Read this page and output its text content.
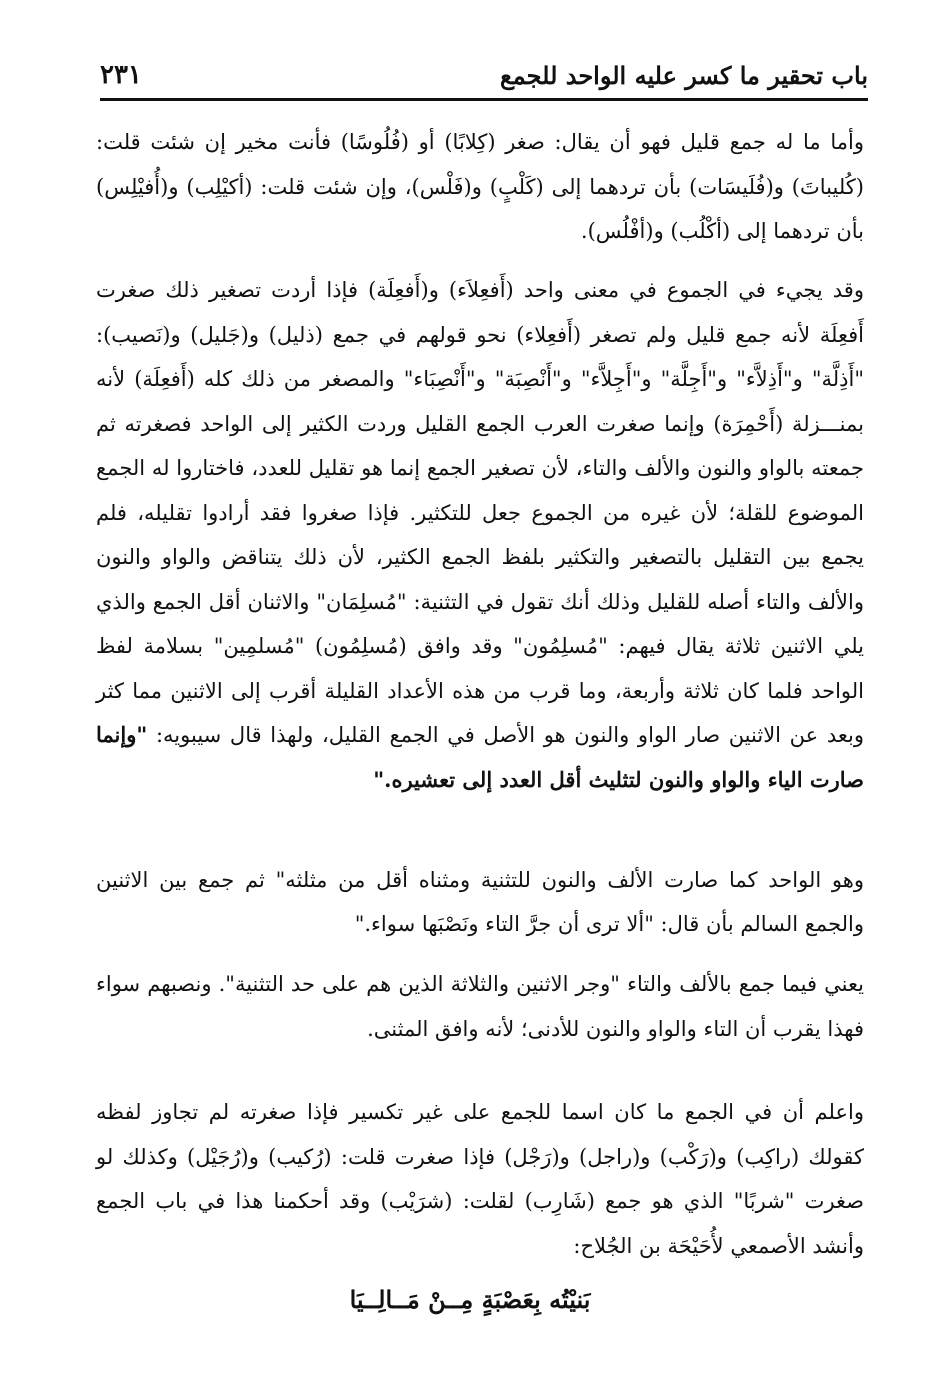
باب تحقير ما كسر عليه الواحد للجمع
٢٣١

وأما ما له جمع قليل فهو أن يقال: صغر (كِلابًا) أو (فُلُوسًا) فأنت مخير إن شئت قلت: (كُليباتَ) و(فُلَيسَات) بأن تردهما إلى (كَلْبٍ) و(فَلْس)، وإن شئت قلت: (أكيْلِب) و(أُفيْلِس) بأن تردهما إلى (أكْلُب) و(أفْلُس).

وقد يجيء في الجموع في معنى واحد (أَفعِلاَء) و(أَفعِلَة) فإذا أردت تصغير ذلك صغرت أَفعِلَة لأنه جمع قليل ولم تصغر (أَفعِلاء) نحو قولهم في جمع (ذليل) و(جَليل) و(نَصيب): "أَذِلَّة" و"أَذِلاَّء" و"أَجِلَّة" و"أَجِلاَّء" و"أَنْصِبَة" و"أَنْصِبَاء" والمصغر من ذلك كله (أَفعِلَة) لأنه بمنـــزلة (أَحْمِرَة) وإنما صغرت العرب الجمع القليل وردت الكثير إلى الواحد فصغرته ثم جمعته بالواو والنون والألف والتاء، لأن تصغير الجمع إنما هو تقليل للعدد، فاختاروا له الجمع الموضوع للقلة؛ لأن غيره من الجموع جعل للتكثير. فإذا صغروا فقد أرادوا تقليله، فلم يجمع بين التقليل بالتصغير والتكثير بلفظ الجمع الكثير، لأن ذلك يتناقض والواو والنون والألف والتاء أصله للقليل وذلك أنك تقول في التثنية: "مُسلِمَان" والاثنان أقل الجمع والذي يلي الاثنين ثلاثة يقال فيهم: "مُسلِمُون" وقد وافق (مُسلِمُون) "مُسلمِين" بسلامة لفظ الواحد فلما كان ثلاثة وأربعة، وما قرب من هذه الأعداد القليلة أقرب إلى الاثنين مما كثر وبعد عن الاثنين صار الواو والنون هو الأصل في الجمع القليل، ولهذا قال سيبويه: "وإنما صارت الياء والواو والنون لتثليث أقل العدد إلى تعشيره."

وهو الواحد كما صارت الألف والنون للتثنية ومثناه أقل من مثلثه" ثم جمع بين الاثنين والجمع السالم بأن قال: "ألا ترى أن جرَّ التاء ونَصْبَها سواء."

يعني فيما جمع بالألف والتاء "وجر الاثنين والثلاثة الذين هم على حد التثنية". ونصبهم سواء فهذا يقرب أن التاء والواو والنون للأدنى؛ لأنه وافق المثنى.

واعلم أن في الجمع ما كان اسما للجمع على غير تكسير فإذا صغرته لم تجاوز لفظه كقولك (راكِب) و(رَكْب) و(راجل) و(رَجْل) فإذا صغرت قلت: (رُكيب) و(رُجَيْل) وكذلك لو صغرت "شربًا" الذي هو جمع (شَارِب) لقلت: (شرَيْب) وقد أحكمنا هذا في باب الجمع وأنشد الأصمعي لأُحَيْحَة بن الجُلاح:

بَنيْتُه بِعَصْبَةٍ مِــنْ مَــالِــيَا
